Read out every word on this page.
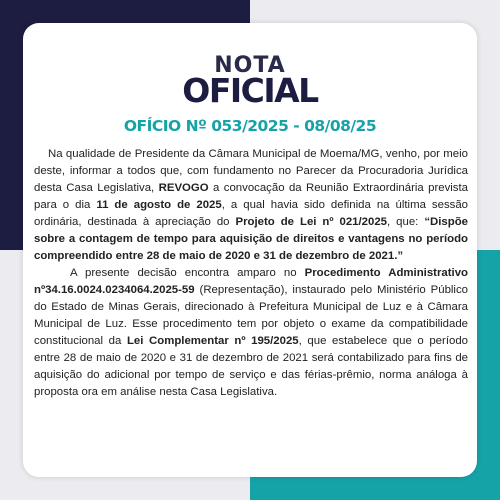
NOTA
OFICIAL
OFÍCIO Nº 053/2025 - 08/08/25

Na qualidade de Presidente da Câmara Municipal de Moema/MG, venho, por meio deste, informar a todos que, com fundamento no Parecer da Procuradoria Jurídica desta Casa Legislativa, REVOGO a convocação da Reunião Extraordinária prevista para o dia 11 de agosto de 2025, a qual havia sido definida na última sessão ordinária, destinada à apreciação do Projeto de Lei nº 021/2025, que: “Dispõe sobre a contagem de tempo para aquisição de direitos e vantagens no período compreendido entre 28 de maio de 2020 e 31 de dezembro de 2021.”

A presente decisão encontra amparo no Procedimento Administrativo nº34.16.0024.0234064.2025-59 (Representação), instaurado pelo Ministério Público do Estado de Minas Gerais, direcionado à Prefeitura Municipal de Luz e à Câmara Municipal de Luz. Esse procedimento tem por objeto o exame da compatibilidade constitucional da Lei Complementar nº 195/2025, que estabelece que o período entre 28 de maio de 2020 e 31 de dezembro de 2021 será contabilizado para fins de aquisição do adicional por tempo de serviço e das férias-prêmio, norma análoga à proposta ora em análise nesta Casa Legislativa.
